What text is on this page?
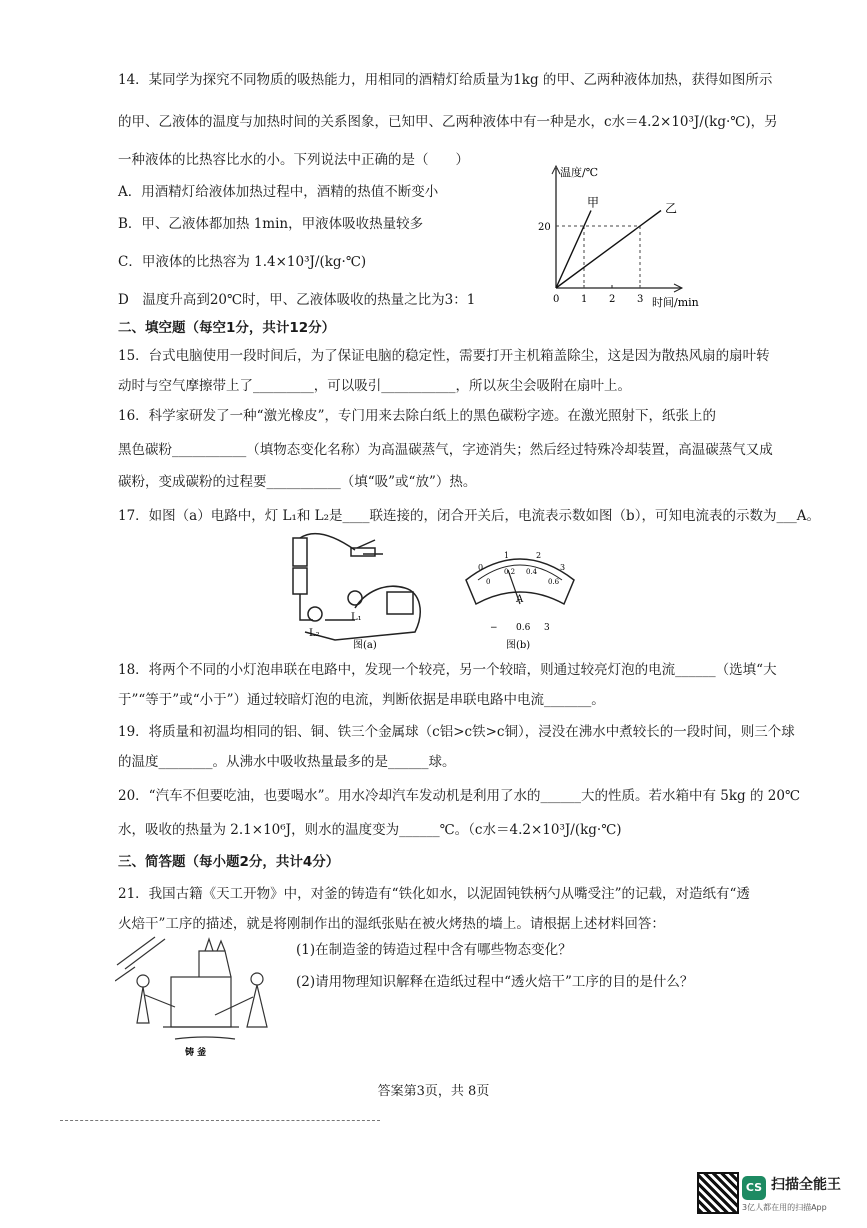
14．某同学为探究不同物质的吸热能力，用相同的酒精灯给质量为1kg 的甲、乙两种液体加热，获得如图所示
的甲、乙液体的温度与加热时间的关系图象，已知甲、乙两种液体中有一种是水，c水＝4.2×10³J/(kg·℃)，另
一种液体的比热容比水的小。下列说法中正确的是（　　）
A．用酒精灯给液体加热过程中，酒精的热值不断变小
B．甲、乙液体都加热 1min，甲液体吸收热量较多
C．甲液体的比热容为 1.4×10³J/(kg·℃)
D　温度升高到20℃时，甲、乙液体吸收的热量之比为3：1
温度/℃
时间/min
0 1 2 3
20
甲	乙
二、填空题（每空1分，共计12分）
15．台式电脑使用一段时间后，为了保证电脑的稳定性，需要打开主机箱盖除尘，这是因为散热风扇的扇叶转
动时与空气摩擦带上了_________，可以吸引___________，所以灰尘会吸附在扇叶上。
16．科学家研发了一种“激光橡皮”，专门用来去除白纸上的黑色碳粉字迹。在激光照射下，纸张上的
黑色碳粉___________（填物态变化名称）为高温碳蒸气，字迹消失；然后经过特殊冷却装置，高温碳蒸气又成
碳粉，变成碳粉的过程要___________（填“吸”或“放”）热。
17．如图（a）电路中，灯 L₁和 L₂是____联连接的，闭合开关后，电流表示数如图（b），可知电流表的示数为___A。
L₁
L₂
图(a)
0
1	2
3
0
0.2 0.4
0.6
A
− 0.6 3
图(b)
18．将两个不同的小灯泡串联在电路中，发现一个较亮，另一个较暗，则通过较亮灯泡的电流______（选填“大
于”“等于”或“小于”）通过较暗灯泡的电流，判断依据是串联电路中电流_______。
19．将质量和初温均相同的铝、铜、铁三个金属球（c铝>c铁>c铜），浸没在沸水中煮较长的一段时间，则三个球
的温度________。从沸水中吸收热量最多的是______球。
20．“汽车不但要吃油，也要喝水”。用水冷却汽车发动机是利用了水的______大的性质。若水箱中有 5kg 的 20℃
水，吸收的热量为 2.1×10⁶J，则水的温度变为______℃。（c水＝4.2×10³J/(kg·℃)
三、简答题（每小题2分，共计4分）
21．我国古籍《天工开物》中，对釜的铸造有“铁化如水，以泥固钝铁柄勺从嘴受注”的记载，对造纸有“透
火焙干”工序的描述，就是将刚制作出的湿纸张贴在被火烤热的墙上。请根据上述材料回答：
(1)在制造釜的铸造过程中含有哪些物态变化？
(2)请用物理知识解释在造纸过程中“透火焙干”工序的目的是什么？
铸 釜
答案第3页，共 8页
CS 扫描全能王
3亿人都在用的扫描App
